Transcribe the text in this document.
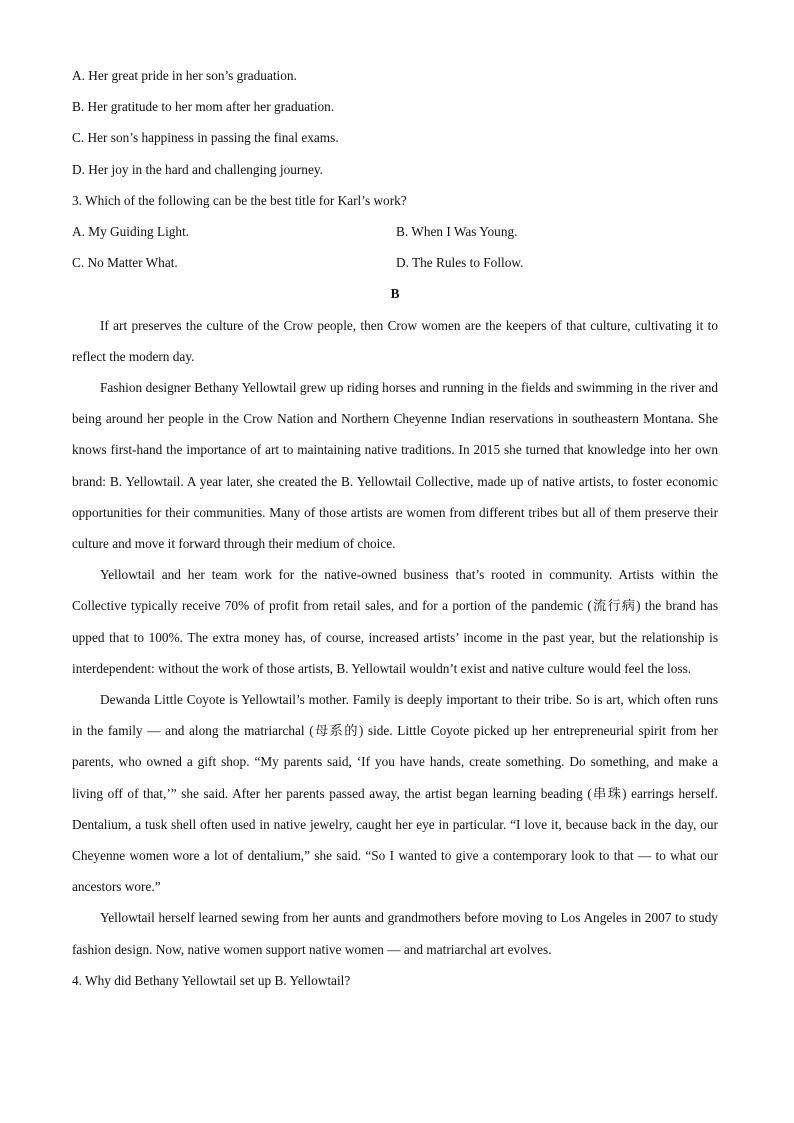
A. Her great pride in her son’s graduation.
B. Her gratitude to her mom after her graduation.
C. Her son’s happiness in passing the final exams.
D. Her joy in the hard and challenging journey.
3. Which of the following can be the best title for Karl’s work?
A. My Guiding Light.	B. When I Was Young.
C. No Matter What.	D. The Rules to Follow.
B

If art preserves the culture of the Crow people, then Crow women are the keepers of that culture, cultivating it to reflect the modern day.

Fashion designer Bethany Yellowtail grew up riding horses and running in the fields and swimming in the river and being around her people in the Crow Nation and Northern Cheyenne Indian reservations in southeastern Montana. She knows first-hand the importance of art to maintaining native traditions. In 2015 she turned that knowledge into her own brand: B. Yellowtail. A year later, she created the B. Yellowtail Collective, made up of native artists, to foster economic opportunities for their communities. Many of those artists are women from different tribes but all of them preserve their culture and move it forward through their medium of choice.

Yellowtail and her team work for the native-owned business that’s rooted in community. Artists within the Collective typically receive 70% of profit from retail sales, and for a portion of the pandemic (流行病) the brand has upped that to 100%. The extra money has, of course, increased artists’ income in the past year, but the relationship is interdependent: without the work of those artists, B. Yellowtail wouldn’t exist and native culture would feel the loss.

Dewanda Little Coyote is Yellowtail’s mother. Family is deeply important to their tribe. So is art, which often runs in the family — and along the matriarchal (母系的) side. Little Coyote picked up her entrepreneurial spirit from her parents, who owned a gift shop. “My parents said, ‘If you have hands, create something. Do something, and make a living off of that,’” she said. After her parents passed away, the artist began learning beading (串珠) earrings herself. Dentalium, a tusk shell often used in native jewelry, caught her eye in particular. “I love it, because back in the day, our Cheyenne women wore a lot of dentalium,” she said. “So I wanted to give a contemporary look to that — to what our ancestors wore.”

Yellowtail herself learned sewing from her aunts and grandmothers before moving to Los Angeles in 2007 to study fashion design. Now, native women support native women — and matriarchal art evolves.

4. Why did Bethany Yellowtail set up B. Yellowtail?
